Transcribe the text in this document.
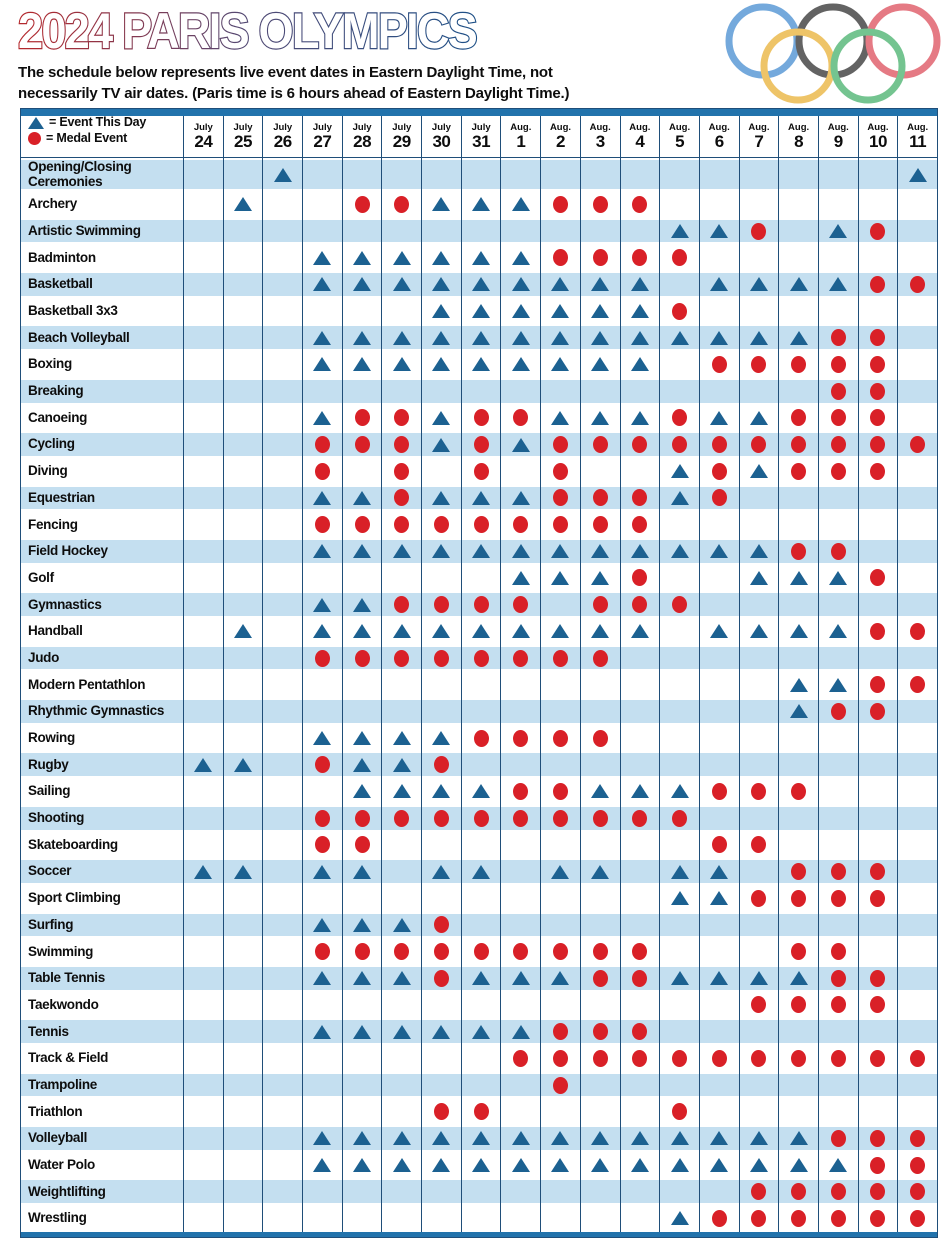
2024 PARIS OLYMPICS
The schedule below represents live event dates in Eastern Daylight Time, not
necessarily TV air dates. (Paris time is 6 hours ahead of Eastern Daylight Time.)
= Event This Day
= Medal Event
July
24
July
25
July
26
July
27
July
28
July
29
July
30
July
31
Aug.
1
Aug.
2
Aug.
3
Aug.
4
Aug.
5
Aug.
6
Aug.
7
Aug.
8
Aug.
9
Aug.
10
Aug.
11
Opening/Closing Ceremonies
Archery
Artistic Swimming
Badminton
Basketball
Basketball 3x3
Beach Volleyball
Boxing
Breaking
Canoeing
Cycling
Diving
Equestrian
Fencing
Field Hockey
Golf
Gymnastics
Handball
Judo
Modern Pentathlon
Rhythmic Gymnastics
Rowing
Rugby
Sailing
Shooting
Skateboarding
Soccer
Sport Climbing
Surfing
Swimming
Table Tennis
Taekwondo
Tennis
Track & Field
Trampoline
Triathlon
Volleyball
Water Polo
Weightlifting
Wrestling
